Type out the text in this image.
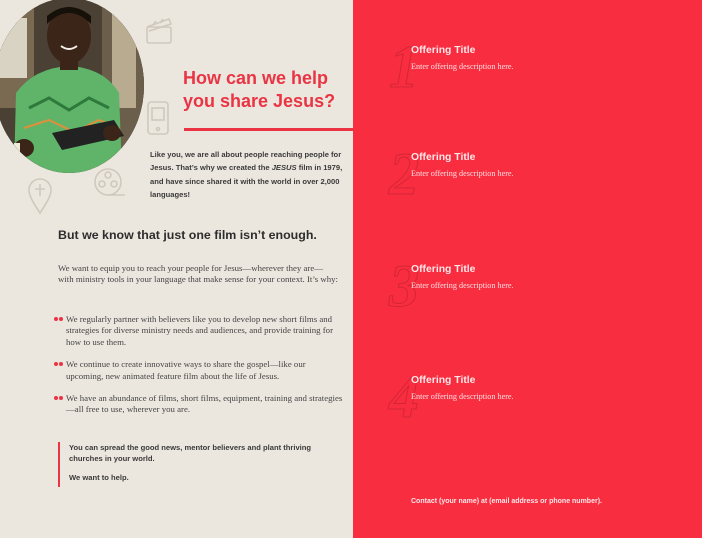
How can we help you share Jesus?

Like you, we are all about people reaching people for Jesus. That’s why we created the JESUS film in 1979, and have since shared it with the world in over 2,000 languages!

But we know that just one film isn’t enough.

We want to equip you to reach your people for Jesus—wherever they are—with ministry tools in your language that make sense for your context. It’s why:

We regularly partner with believers like you to develop new short films and strategies for diverse ministry needs and audiences, and provide training for how to use them.
We continue to create innovative ways to share the gospel—like our upcoming, new animated feature film about the life of Jesus.
We have an abundance of films, short films, equipment, training and strategies—all free to use, wherever you are.

You can spread the good news, mentor believers and plant thriving churches in your world.

We want to help.

1

Offering Title

Enter offering description here.

2

Offering Title

Enter offering description here.

3

Offering Title

Enter offering description here.

4

Offering Title

Enter offering description here.

Contact (your name) at (email address or phone number).
